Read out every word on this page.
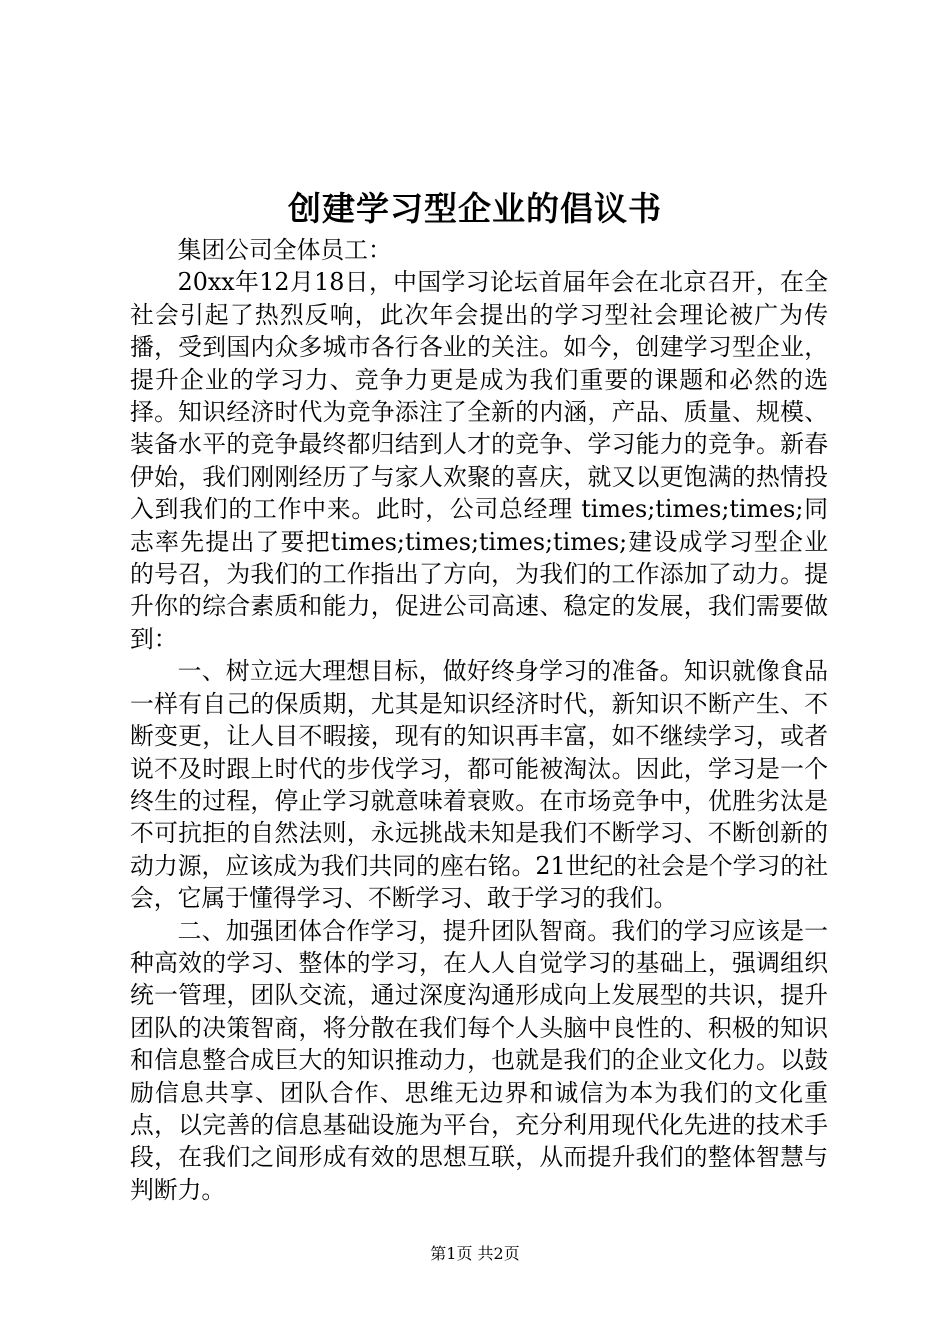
创建学习型企业的倡议书

集团公司全体员工：

20xx年12月18日，中国学习论坛首届年会在北京召开，在全社会引起了热烈反响，此次年会提出的学习型社会理论被广为传播，受到国内众多城市各行各业的关注。如今，创建学习型企业，提升企业的学习力、竞争力更是成为我们重要的课题和必然的选择。知识经济时代为竞争添注了全新的内涵，产品、质量、规模、装备水平的竞争最终都归结到人才的竞争、学习能力的竞争。新春伊始，我们刚刚经历了与家人欢聚的喜庆，就又以更饱满的热情投入到我们的工作中来。此时，公司总经理 times;times;times;同志率先提出了要把times;times;times;times;建设成学习型企业的号召，为我们的工作指出了方向，为我们的工作添加了动力。提升你的综合素质和能力，促进公司高速、稳定的发展，我们需要做到：

一、树立远大理想目标，做好终身学习的准备。知识就像食品一样有自己的保质期，尤其是知识经济时代，新知识不断产生、不断变更，让人目不暇接，现有的知识再丰富，如不继续学习，或者说不及时跟上时代的步伐学习，都可能被淘汰。因此，学习是一个终生的过程，停止学习就意味着衰败。在市场竞争中，优胜劣汰是不可抗拒的自然法则，永远挑战未知是我们不断学习、不断创新的动力源，应该成为我们共同的座右铭。21世纪的社会是个学习的社会，它属于懂得学习、不断学习、敢于学习的我们。

二、加强团体合作学习，提升团队智商。我们的学习应该是一种高效的学习、整体的学习，在人人自觉学习的基础上，强调组织统一管理，团队交流，通过深度沟通形成向上发展型的共识，提升团队的决策智商，将分散在我们每个人头脑中良性的、积极的知识和信息整合成巨大的知识推动力，也就是我们的企业文化力。以鼓励信息共享、团队合作、思维无边界和诚信为本为我们的文化重点，以完善的信息基础设施为平台，充分利用现代化先进的技术手段，在我们之间形成有效的思想互联，从而提升我们的整体智慧与判断力。

第1页 共2页
